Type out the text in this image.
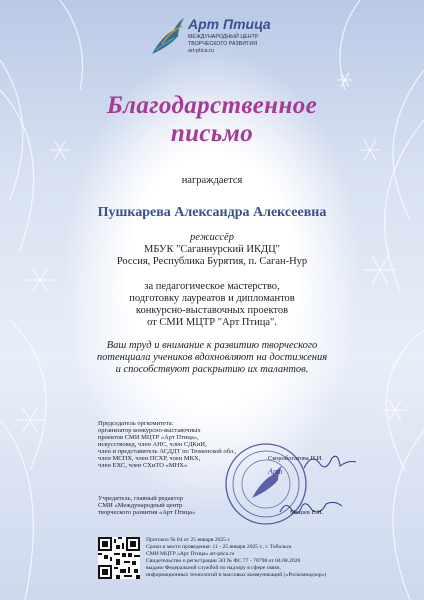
Арт Птица
МЕЖДУНАРОДНЫЙ ЦЕНТР
ТВОРЧЕСКОГО РАЗВИТИЯ
art-ptica.ru
Благодарственное
письмо
награждается
Пушкарева Александра Алексеевна
режиссёр
МБУК "Саганнурский ИКДЦ"
Россия, Республика Бурятия, п. Саган-Нур
за педагогическое мастерство,
подготовку лауреатов и дипломантов
конкурсно-выставочных проектов
от СМИ МЦТР "Арт Птица".
Ваш труд и внимание к развитию творческого
потенциала учеников вдохновляют на достижения
и способствуют раскрытию их талантов.
Председатель оргкомитета:
организатор конкурсно-выставочных
проектов СМИ МЦТР «Арт Птица»,
искусствовед, член АНС, член СДКиИ,
член и представитель АСДДТ по Тюменской обл.,
член МСПХ, член ПСХР, член МКХ,
член ЕХС, член СХиТО «МНХ»
Скоробогатова П.И.
Арт
Учредитель, главный редактор
СМИ «Международный центр
творческого развития «Арт Птица»	Мошев Е.И.
Протокол № 04 от 25 января 2025 г.
Сроки и место проведения: 11 - 25 января 2025 г., г. Тобольск
СМИ МЦТР «Арт Птица» art-ptica.ru
Свидетельство о регистрации ЭЛ № ФС 77 - 78798 от 04.08.2020
выдано Федеральной службой по надзору в сфере связи,
информационных технологий и массовых коммуникаций («Роскомнадзор»)
